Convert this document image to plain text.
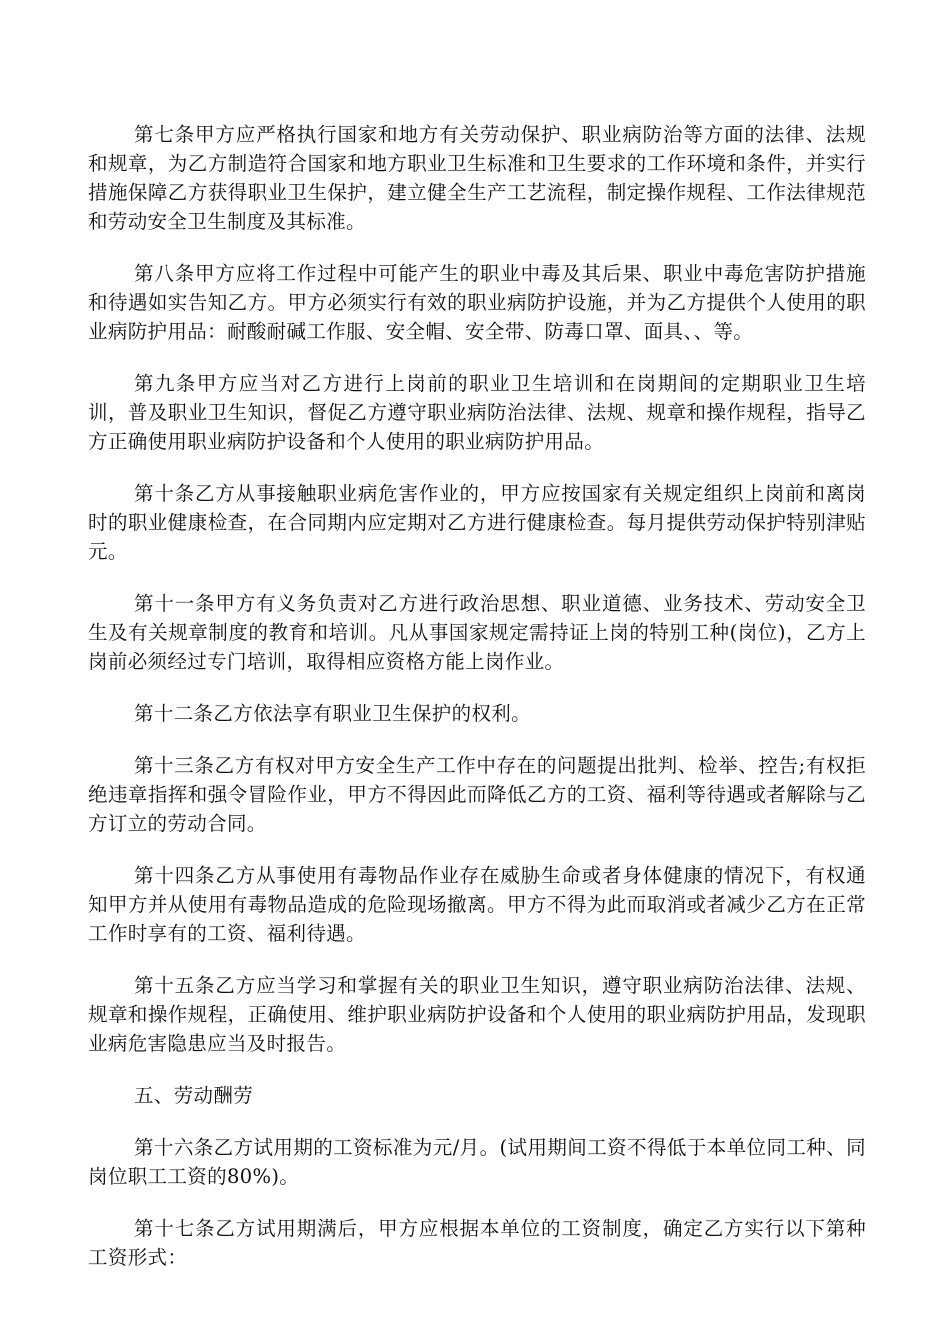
第七条甲方应严格执行国家和地方有关劳动保护、职业病防治等方面的法律、法规和规章，为乙方制造符合国家和地方职业卫生标准和卫生要求的工作环境和条件，并实行措施保障乙方获得职业卫生保护，建立健全生产工艺流程，制定操作规程、工作法律规范和劳动安全卫生制度及其标准。

第八条甲方应将工作过程中可能产生的职业中毒及其后果、职业中毒危害防护措施和待遇如实告知乙方。甲方必须实行有效的职业病防护设施，并为乙方提供个人使用的职业病防护用品：耐酸耐碱工作服、安全帽、安全带、防毒口罩、面具、、等。

第九条甲方应当对乙方进行上岗前的职业卫生培训和在岗期间的定期职业卫生培训，普及职业卫生知识，督促乙方遵守职业病防治法律、法规、规章和操作规程，指导乙方正确使用职业病防护设备和个人使用的职业病防护用品。

第十条乙方从事接触职业病危害作业的，甲方应按国家有关规定组织上岗前和离岗时的职业健康检查，在合同期内应定期对乙方进行健康检查。每月提供劳动保护特别津贴元。

第十一条甲方有义务负责对乙方进行政治思想、职业道德、业务技术、劳动安全卫生及有关规章制度的教育和培训。凡从事国家规定需持证上岗的特别工种(岗位)，乙方上岗前必须经过专门培训，取得相应资格方能上岗作业。

第十二条乙方依法享有职业卫生保护的权利。

第十三条乙方有权对甲方安全生产工作中存在的问题提出批判、检举、控告;有权拒绝违章指挥和强令冒险作业，甲方不得因此而降低乙方的工资、福利等待遇或者解除与乙方订立的劳动合同。

第十四条乙方从事使用有毒物品作业存在威胁生命或者身体健康的情况下，有权通知甲方并从使用有毒物品造成的危险现场撤离。甲方不得为此而取消或者减少乙方在正常工作时享有的工资、福利待遇。

第十五条乙方应当学习和掌握有关的职业卫生知识，遵守职业病防治法律、法规、规章和操作规程，正确使用、维护职业病防护设备和个人使用的职业病防护用品，发现职业病危害隐患应当及时报告。

五、劳动酬劳

第十六条乙方试用期的工资标准为元/月。(试用期间工资不得低于本单位同工种、同岗位职工工资的80%)。

第十七条乙方试用期满后，甲方应根据本单位的工资制度，确定乙方实行以下第种工资形式：
